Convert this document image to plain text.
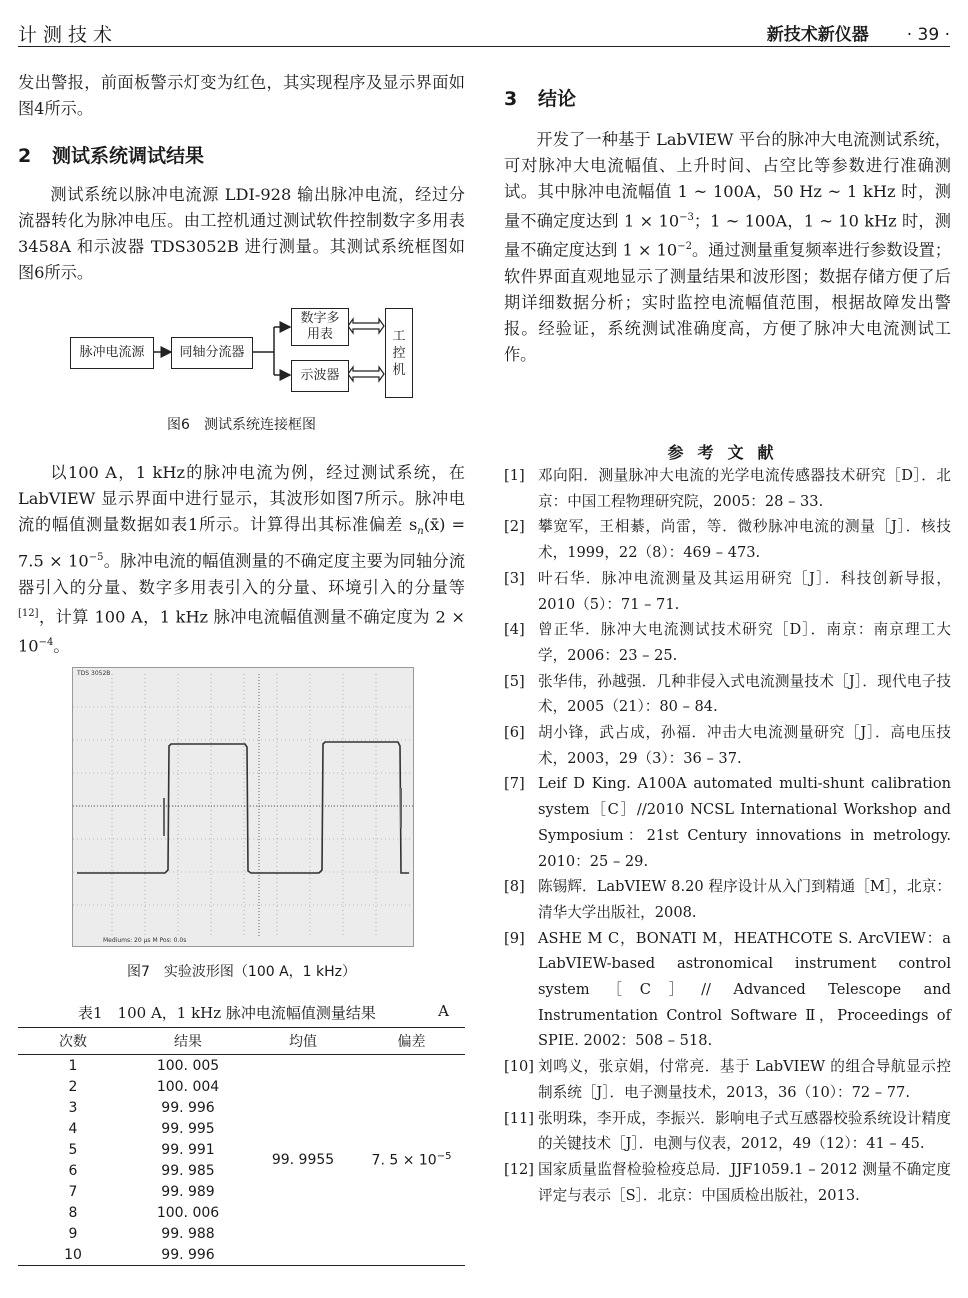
计测技术	新技术新仪器 · 39 ·

发出警报，前面板警示灯变为红色，其实现程序及显示界面如图4所示。

2 测试系统调试结果

测试系统以脉冲电流源 LDI-928 输出脉冲电流，经过分流器转化为脉冲电压。由工控机通过测试软件控制数字多用表 3458A 和示波器 TDS3052B 进行测量。其测试系统框图如图6所示。

脉冲电流源	同轴分流器
数字多
用表
示波器
工
控
机
图6　测试系统连接框图

以100 A，1 kHz的脉冲电流为例，经过测试系统，在 LabVIEW 显示界面中进行显示，其波形如图7所示。脉冲电流的幅值测量数据如表1所示。计算得出其标准偏差 $s_n(x̄) = 7.5 \times 10^{-5}$。脉冲电流的幅值测量的不确定度主要为同轴分流器引入的分量、数字多用表引入的分量、环境引入的分量等[12]，计算 100 A，1 kHz 脉冲电流幅值测量不确定度为 $2 \times 10^{-4}$。

TDS 3052B
Mediums: 20 µs M Pos: 0.0s
图7　实验波形图（100 A，1 kHz）
表1　100 A，1 kHz 脉冲电流幅值测量结果	A
次数	结果	均值	偏差
1	100. 005	99. 9955	7. $5 \times 10^{-5}$
2	100. 004		
3	99. 996		
4	99. 995		
5	99. 991		
6	99. 985		
7	99. 989		
8	100. 006		
9	99. 988		
10	99. 996		
3 结论

开发了一种基于 LabVIEW 平台的脉冲大电流测试系统，可对脉冲大电流幅值、上升时间、占空比等参数进行准确测试。其中脉冲电流幅值 1 ~ 100A，50 Hz ~ 1 kHz 时，测量不确定度达到 $1 \times 10^{-3}$；1 ~ 100A，1 ~ 10 kHz 时，测量不确定度达到 $1 \times 10^{-2}$。通过测量重复频率进行参数设置；软件界面直观地显示了测量结果和波形图；数据存储方便了后期详细数据分析；实时监控电流幅值范围，根据故障发出警报。经验证，系统测试准确度高，方便了脉冲大电流测试工作。

参考文献
[1] 邓向阳．测量脉冲大电流的光学电流传感器技术研究［D］．北京：中国工程物理研究院，2005：28 – 33.
[2] 攀宽军，王相綦，尚雷，等．微秒脉冲电流的测量［J］．核技术，1999，22（8）：469 – 473.
[3] 叶石华．脉冲电流测量及其运用研究［J］．科技创新导报，2010（5）：71 – 71.
[4] 曾正华．脉冲大电流测试技术研究［D］．南京：南京理工大学，2006：23 – 25.
[5] 张华伟，孙越强．几种非侵入式电流测量技术［J］．现代电子技术，2005（21）：80 – 84.
[6] 胡小锋，武占成，孙福．冲击大电流测量研究［J］．高电压技术，2003，29（3）：36 – 37.
[7] Leif D King. A100A automated multi-shunt calibration system［C］//2010 NCSL International Workshop and Symposium：21st Century innovations in metrology. 2010：25 – 29.
[8] 陈锡辉．LabVIEW 8.20 程序设计从入门到精通［M］，北京：清华大学出版社，2008.
[9] ASHE M C，BONATI M，HEATHCOTE S. ArcVIEW：a LabVIEW-based astronomical instrument control system［C］// Advanced Telescope and Instrumentation Control Software Ⅱ，Proceedings of SPIE. 2002：508 – 518.
[10] 刘鸣义，张京娟，付常亮．基于 LabVIEW 的组合导航显示控制系统［J］．电子测量技术，2013，36（10）：72 – 77.
[11] 张明珠，李开成，李振兴．影响电子式互感器校验系统设计精度的关键技术［J］．电测与仪表，2012，49（12）：41 – 45.
[12] 国家质量监督检验检疫总局．JJF1059.1 – 2012 测量不确定度评定与表示［S］．北京：中国质检出版社，2013.
